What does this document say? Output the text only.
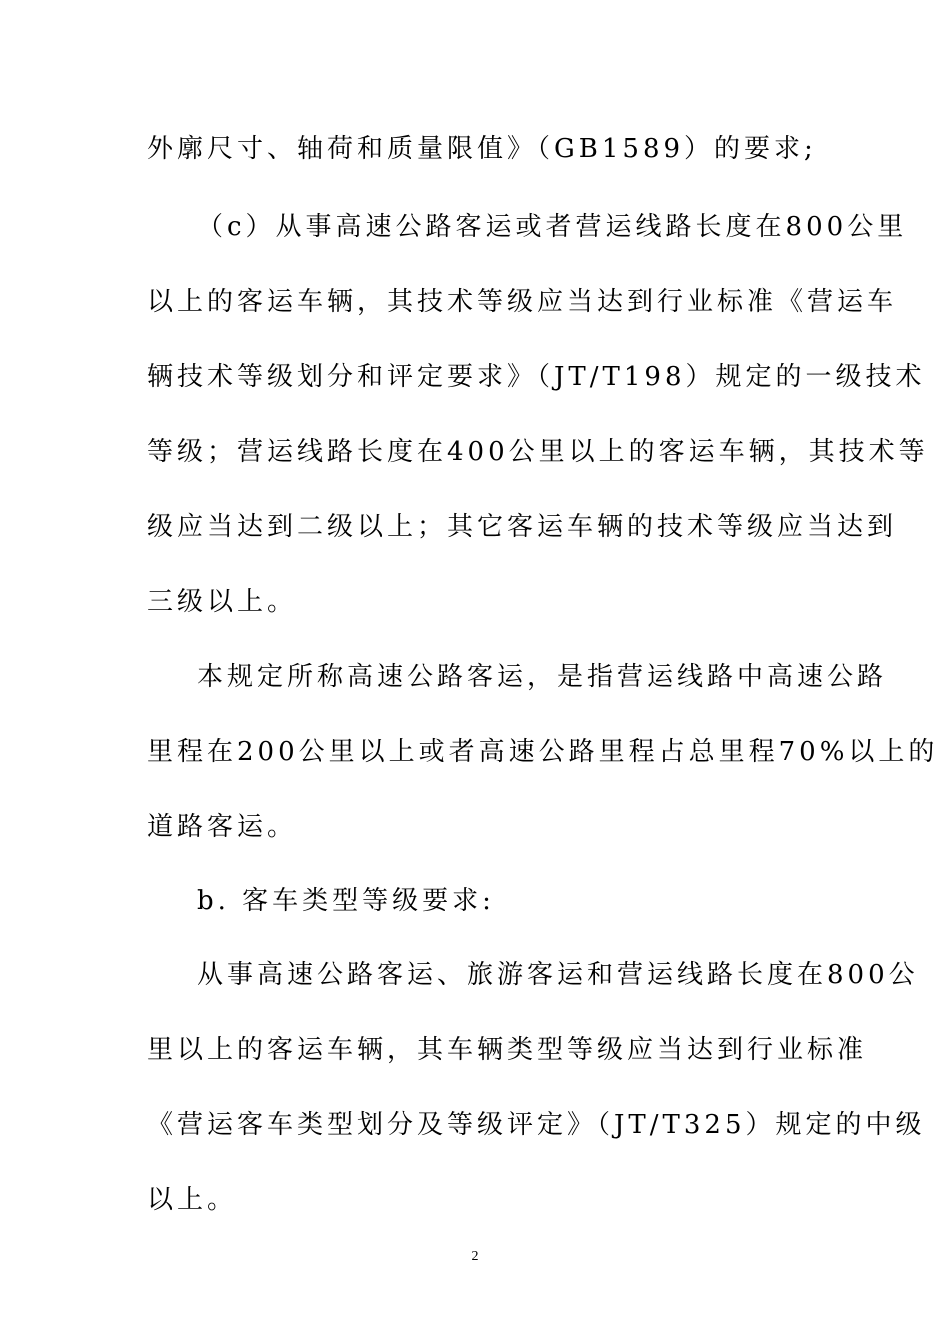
外廓尺寸、轴荷和质量限值》（GB1589）的要求;
（c）从事高速公路客运或者营运线路长度在800公里
以上的客运车辆，其技术等级应当达到行业标准《营运车
辆技术等级划分和评定要求》（JT/T198）规定的一级技术
等级；营运线路长度在400公里以上的客运车辆，其技术等
级应当达到二级以上；其它客运车辆的技术等级应当达到
三级以上。
本规定所称高速公路客运，是指营运线路中高速公路
里程在200公里以上或者高速公路里程占总里程70%以上的
道路客运。
b. 客车类型等级要求:
从事高速公路客运、旅游客运和营运线路长度在800公
里以上的客运车辆，其车辆类型等级应当达到行业标准
《营运客车类型划分及等级评定》（JT/T325）规定的中级
以上。
2
